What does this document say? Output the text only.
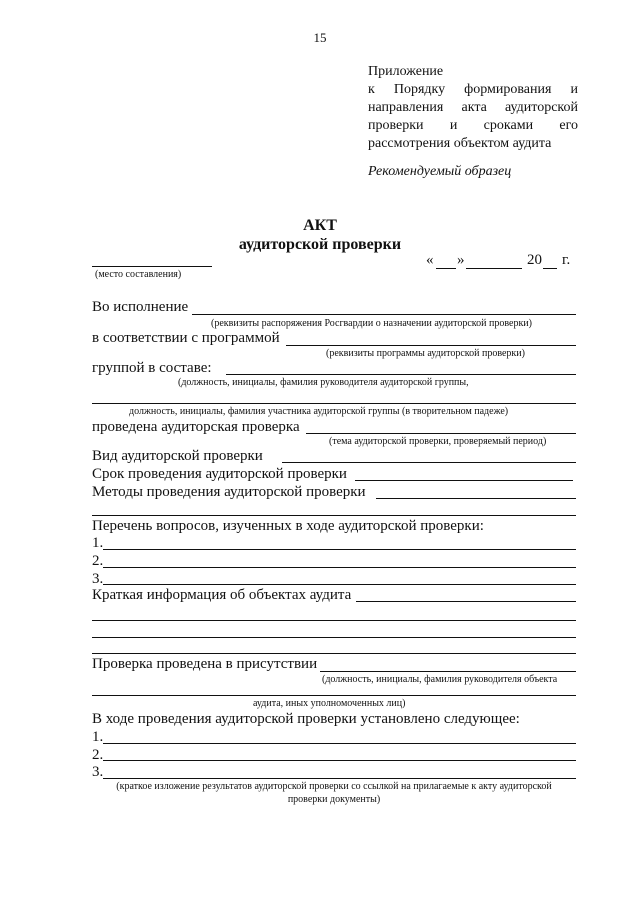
15
Приложение
к Порядку формирования и
направления акта аудиторской
проверки и сроками его
рассмотрения объектом аудита
Рекомендуемый образец
АКТ
аудиторской проверки
(место составления)
« »	20 г.
Во исполнение
(реквизиты распоряжения Росгвардии о назначении аудиторской проверки)
в соответствии с программой
(реквизиты программы аудиторской проверки)
группой в составе:
(должность, инициалы, фамилия руководителя аудиторской группы,
должность, инициалы, фамилия участника аудиторской группы (в творительном падеже)
проведена аудиторская проверка
(тема аудиторской проверки, проверяемый период)
Вид аудиторской проверки
Срок проведения аудиторской проверки
Методы проведения аудиторской проверки
Перечень вопросов, изученных в ходе аудиторской проверки:
1.
2.
3.
Краткая информация об объектах аудита
Проверка проведена в присутствии
(должность, инициалы, фамилия руководителя объекта
аудита, иных уполномоченных лиц)
В ходе проведения аудиторской проверки установлено следующее:
1.
2.
3.
(краткое изложение результатов аудиторской проверки со ссылкой на прилагаемые к акту аудиторской
проверки документы)
